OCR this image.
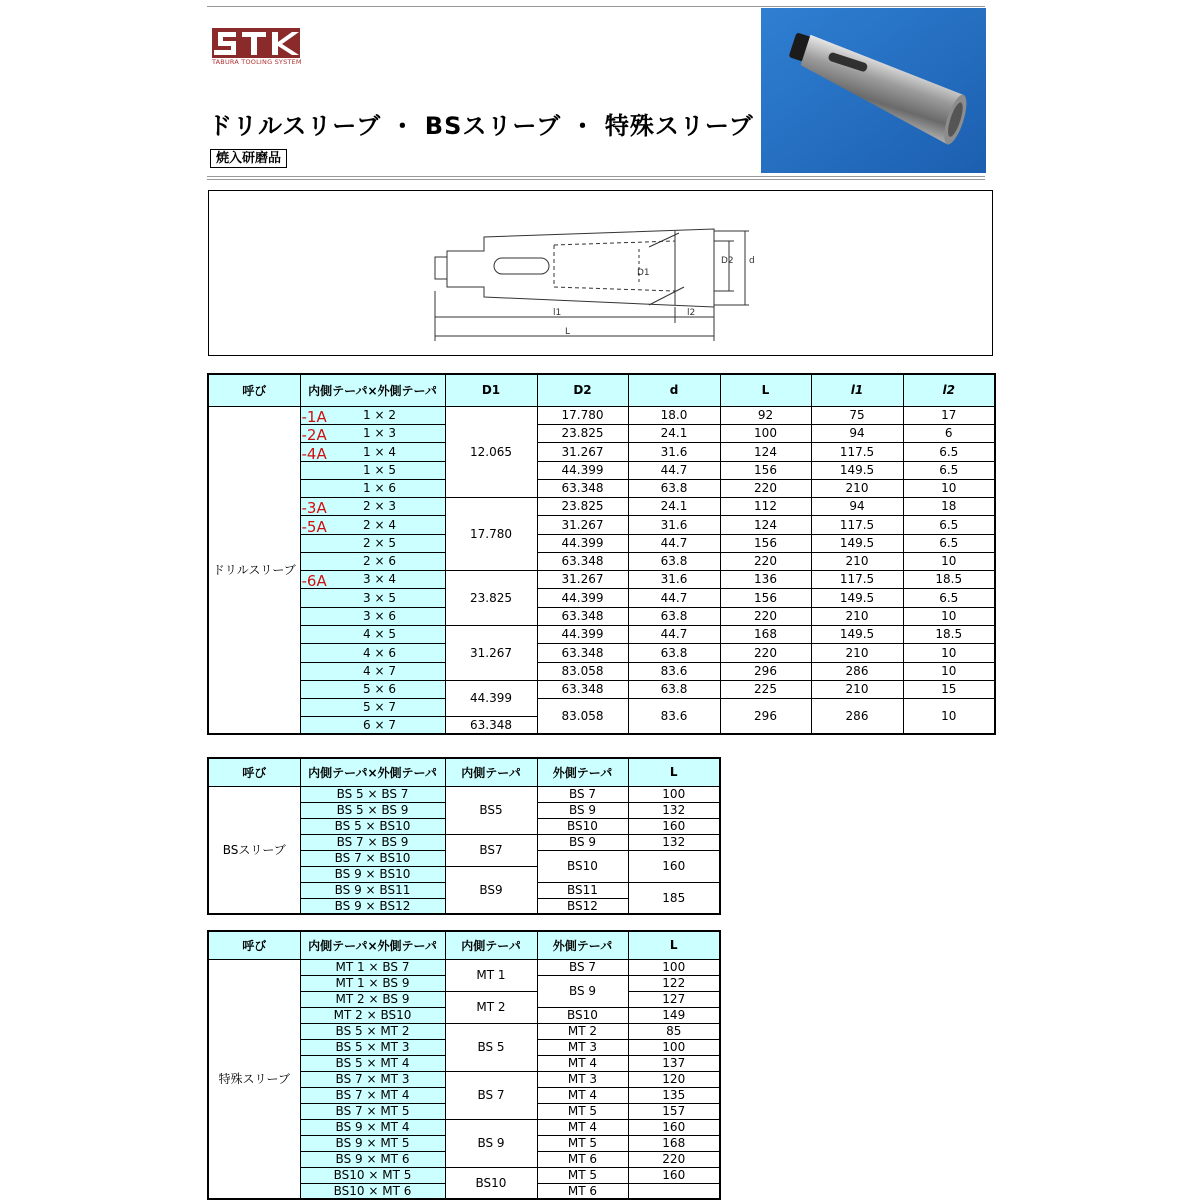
TABURA TOOLING SYSTEM
ドリルスリーブ ・ BSスリーブ ・ 特殊スリーブ
焼入研磨品
D1
D2 d
l1	l2
L
呼び	内側テーパ×外側テーパ	D1	D2	d	L	l1	l2
ドリルスリーブ	-1A 1 × 2	12.065	17.780	18.0	92	75	17

	-2A 1 × 3		23.825	24.1	100	94	6

	-4A 1 × 4		31.267	31.6	124	117.5	6.5
	1 × 5		44.399	44.7	156	149.5	6.5
	1 × 6		63.348	63.8	220	210	10

	-3A 2 × 3	17.780	23.825	24.1	112	94	18

	-5A 2 × 4		31.267	31.6	124	117.5	6.5
	2 × 5		44.399	44.7	156	149.5	6.5
	2 × 6		63.348	63.8	220	210	10

	-6A 3 × 4	23.825	31.267	31.6	136	117.5	18.5
	3 × 5		44.399	44.7	156	149.5	6.5
	3 × 6		63.348	63.8	220	210	10
	4 × 5	31.267	44.399	44.7	168	149.5	18.5
	4 × 6		63.348	63.8	220	210	10
	4 × 7		83.058	83.6	296	286	10
	5 × 6	44.399	63.348	63.8	225	210	15
	5 × 7		83.058	83.6	296	286	10
	6 × 7	63.348					
呼び	内側テーパ×外側テーパ	内側テーパ	外側テーパ	L
BSスリーブ	BS 5 × BS 7	BS5	BS 7	100
	BS 5 × BS 9		BS 9	132
	BS 5 × BS10		BS10	160
	BS 7 × BS 9	BS7	BS 9	132
	BS 7 × BS10		BS10	160
	BS 9 × BS10	BS9		
	BS 9 × BS11		BS11	185
	BS 9 × BS12		BS12	
呼び	内側テーパ×外側テーパ	内側テーパ	外側テーパ	L
特殊スリーブ	MT 1 × BS 7	MT 1	BS 7	100
	MT 1 × BS 9		BS 9	122
	MT 2 × BS 9	MT 2		127
	MT 2 × BS10		BS10	149
	BS 5 × MT 2	BS 5	MT 2	85
	BS 5 × MT 3		MT 3	100
	BS 5 × MT 4		MT 4	137
	BS 7 × MT 3	BS 7	MT 3	120
	BS 7 × MT 4		MT 4	135
	BS 7 × MT 5		MT 5	157
	BS 9 × MT 4	BS 9	MT 4	160
	BS 9 × MT 5		MT 5	168
	BS 9 × MT 6		MT 6	220
	BS10 × MT 5	BS10	MT 5	160
	BS10 × MT 6		MT 6	
